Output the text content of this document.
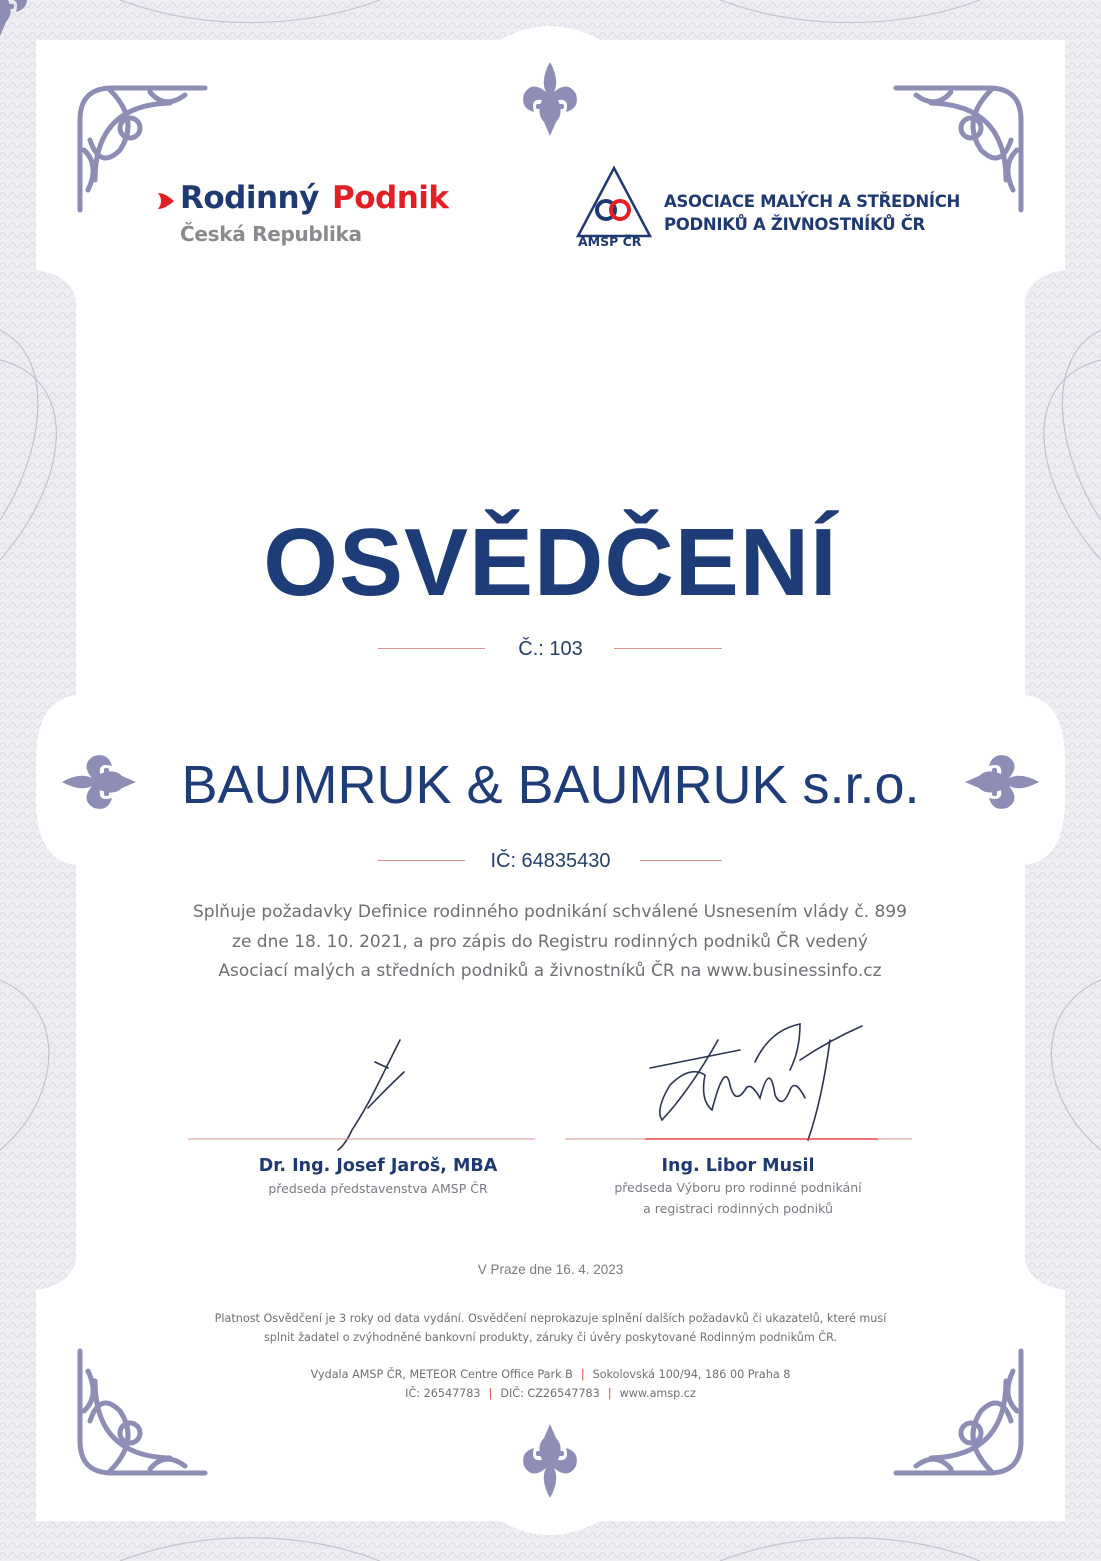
Rodinný Podnik
Česká Republika	AMSP ČR
ASOCIACE MALÝCH A STŘEDNÍCH
PODNIKŮ A ŽIVNOSTNÍKŮ ČR
OSVĚDČENÍ
Č.: 103
BAUMRUK & BAUMRUK s.r.o.
IČ: 64835430
Splňuje požadavky Definice rodinného podnikání schválené Usnesením vlády č. 899
ze dne 18. 10. 2021, a pro zápis do Registru rodinných podniků ČR vedený
Asociací malých a středních podniků a živnostníků ČR na www.businessinfo.cz
Dr. Ing. Josef Jaroš, MBA
předseda představenstva AMSP ČR
Ing. Libor Musil
předseda Výboru pro rodinné podnikání
a registraci rodinných podniků
V Praze dne 16. 4. 2023
Platnost Osvědčení je 3 roky od data vydání. Osvědčení neprokazuje splnění dalších požadavků či ukazatelů, které musí
splnit žadatel o zvýhodněné bankovní produkty, záruky či úvěry poskytované Rodinným podnikům ČR.
Vydala AMSP ČR, METEOR Centre Office Park B | Sokolovská 100/94, 186 00 Praha 8
IČ: 26547783 | DIČ: CZ26547783 | www.amsp.cz
